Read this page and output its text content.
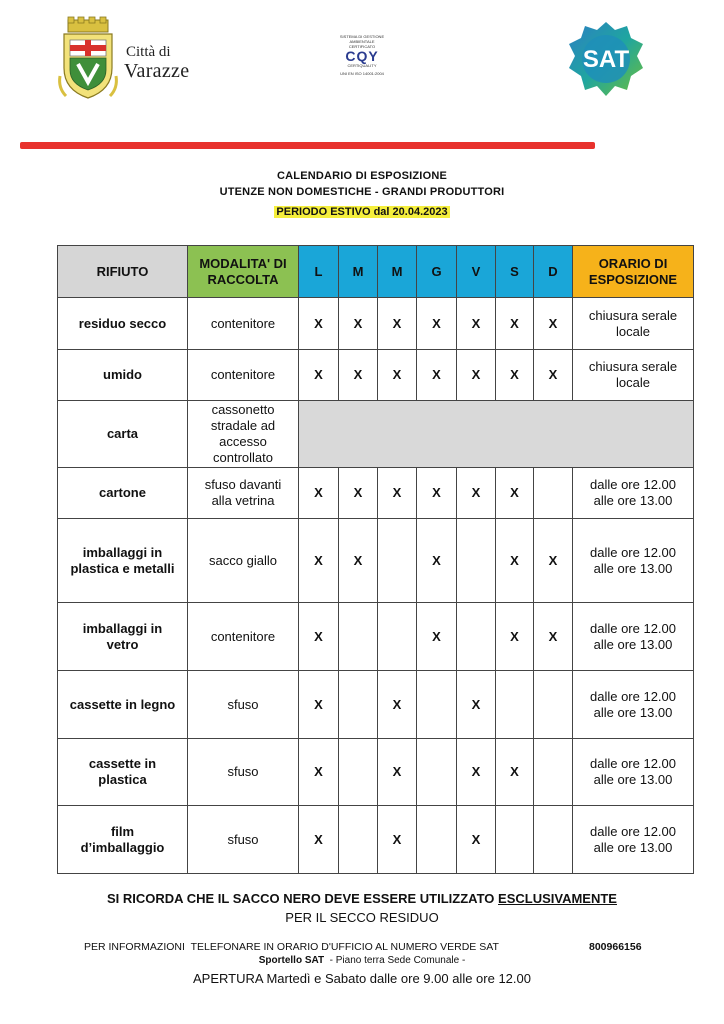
Città di
Varazze
SISTEMA DI GESTIONE AMBIENTALE CERTIFICATO
CQY
CERTIQUALITY
UNI EN ISO 14001:2004
SAT
CALENDARIO DI ESPOSIZIONE
UTENZE NON DOMESTICHE - GRANDI PRODUTTORI
PERIODO ESTIVO dal 20.04.2023
RIFIUTO	MODALITA' DI RACCOLTA	L	M	M	G	V	S	D	ORARIO DI ESPOSIZIONE
residuo secco	contenitore	X	X	X	X	X	X	X	chiusura serale locale
umido	contenitore	X	X	X	X	X	X	X	chiusura serale locale
carta	cassonetto stradale ad accesso controllato								
cartone	sfuso davanti alla vetrina	X	X	X	X	X	X		dalle ore 12.00 alle ore 13.00
imballaggi in plastica e metalli	sacco giallo	X	X		X		X	X	dalle ore 12.00 alle ore 13.00
imballaggi in vetro	contenitore	X			X		X	X	dalle ore 12.00 alle ore 13.00
cassette in legno	sfuso	X		X		X			dalle ore 12.00 alle ore 13.00
cassette in plastica	sfuso	X		X		X	X		dalle ore 12.00 alle ore 13.00
film d’imballaggio	sfuso	X		X		X			dalle ore 12.00 alle ore 13.00
SI RICORDA CHE IL SACCO NERO DEVE ESSERE UTILIZZATO ESCLUSIVAMENTE
PER IL SECCO RESIDUO
PER INFORMAZIONI  TELEFONARE IN ORARIO D'UFFICIO AL NUMERO VERDE SAT	800966156
Sportello SAT  - Piano terra Sede Comunale -
APERTURA Martedì e Sabato dalle ore 9.00 alle ore 12.00
